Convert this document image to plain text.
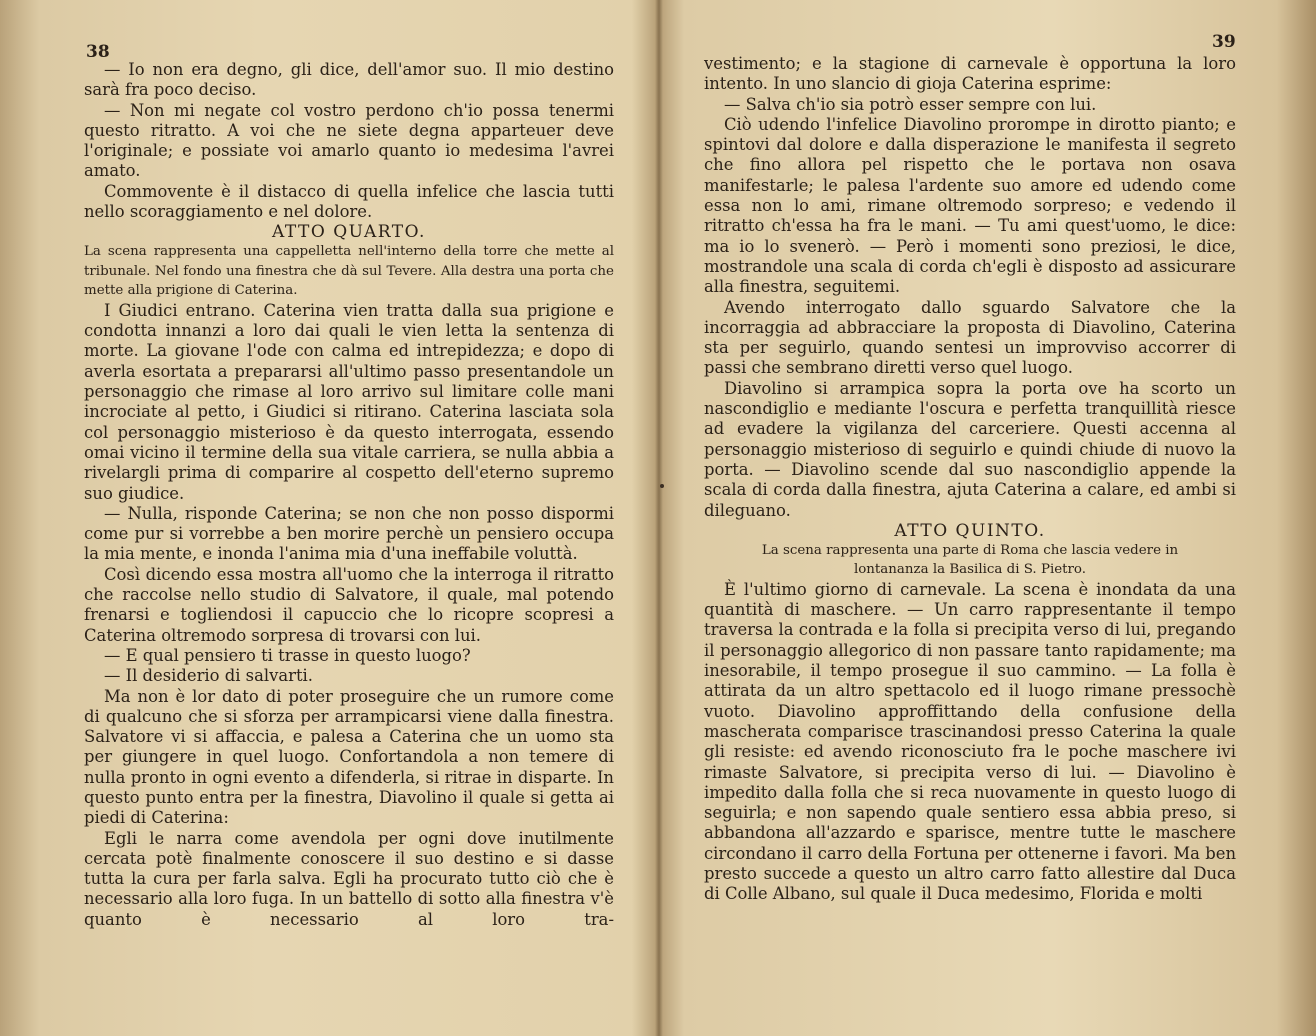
38

— Io non era degno, gli dice, dell'amor suo. Il mio destino sarà fra poco deciso.

— Non mi negate col vostro perdono ch'io possa tenermi questo ritratto. A voi che ne siete degna apparteuer deve l'originale; e possiate voi amarlo quanto io medesima l'avrei amato.

Commovente è il distacco di quella infelice che lascia tutti nello scoraggiamento e nel dolore.

ATTO QUARTO.

La scena rappresenta una cappelletta nell'interno della torre che mette al tribunale. Nel fondo una finestra che dà sul Tevere. Alla destra una porta che mette alla prigione di Caterina.

I Giudici entrano. Caterina vien tratta dalla sua prigione e condotta innanzi a loro dai quali le vien letta la sentenza di morte. La giovane l'ode con calma ed intrepidezza; e dopo di averla esortata a prepararsi all'ultimo passo presentandole un personaggio che rimase al loro arrivo sul limitare colle mani incrociate al petto, i Giudici si ritirano. Caterina lasciata sola col personaggio misterioso è da questo interrogata, essendo omai vicino il termine della sua vitale carriera, se nulla abbia a rivelargli prima di comparire al cospetto dell'eterno supremo suo giudice.

— Nulla, risponde Caterina; se non che non posso dispormi come pur si vorrebbe a ben morire perchè un pensiero occupa la mia mente, e inonda l'anima mia d'una ineffabile voluttà.

Così dicendo essa mostra all'uomo che la interroga il ritratto che raccolse nello studio di Salvatore, il quale, mal potendo frenarsi e togliendosi il capuccio che lo ricopre scopresi a Caterina oltremodo sorpresa di trovarsi con lui.

— E qual pensiero ti trasse in questo luogo?

— Il desiderio di salvarti.

Ma non è lor dato di poter proseguire che un rumore come di qualcuno che si sforza per arrampicarsi viene dalla finestra. Salvatore vi si affaccia, e palesa a Caterina che un uomo sta per giungere in quel luogo. Confortandola a non temere di nulla pronto in ogni evento a difenderla, si ritrae in disparte. In questo punto entra per la finestra, Diavolino il quale si getta ai piedi di Caterina:

Egli le narra come avendola per ogni dove inutilmente cercata potè finalmente conoscere il suo destino e si dasse tutta la cura per farla salva. Egli ha procurato tutto ciò che è necessario alla loro fuga. In un battello di sotto alla finestra v'è quanto è necessario al loro tra-

39

vestimento; e la stagione di carnevale è opportuna la loro intento. In uno slancio di gioja Caterina esprime:

— Salva ch'io sia potrò esser sempre con lui.

Ciò udendo l'infelice Diavolino prorompe in dirotto pianto; e spintovi dal dolore e dalla disperazione le manifesta il segreto che fino allora pel rispetto che le portava non osava manifestarle; le palesa l'ardente suo amore ed udendo come essa non lo ami, rimane oltremodo sorpreso; e vedendo il ritratto ch'essa ha fra le mani. — Tu ami quest'uomo, le dice: ma io lo svenerò. — Però i momenti sono preziosi, le dice, mostrandole una scala di corda ch'egli è disposto ad assicurare alla finestra, seguitemi.

Avendo interrogato dallo sguardo Salvatore che la incorraggia ad abbracciare la proposta di Diavolino, Caterina sta per seguirlo, quando sentesi un improvviso accorrer di passi che sembrano diretti verso quel luogo.

Diavolino si arrampica sopra la porta ove ha scorto un nascondiglio e mediante l'oscura e perfetta tranquillità riesce ad evadere la vigilanza del carceriere. Questi accenna al personaggio misterioso di seguirlo e quindi chiude di nuovo la porta. — Diavolino scende dal suo nascondiglio appende la scala di corda dalla finestra, ajuta Caterina a calare, ed ambi si dileguano.

ATTO QUINTO.

La scena rappresenta una parte di Roma che lascia vedere in lontananza la Basilica di S. Pietro.

È l'ultimo giorno di carnevale. La scena è inondata da una quantità di maschere. — Un carro rappresentante il tempo traversa la contrada e la folla si precipita verso di lui, pregando il personaggio allegorico di non passare tanto rapidamente; ma inesorabile, il tempo prosegue il suo cammino. — La folla è attirata da un altro spettacolo ed il luogo rimane pressochè vuoto. Diavolino approffittando della confusione della mascherata comparisce trascinandosi presso Caterina la quale gli resiste: ed avendo riconosciuto fra le poche maschere ivi rimaste Salvatore, si precipita verso di lui. — Diavolino è impedito dalla folla che si reca nuovamente in questo luogo di seguirla; e non sapendo quale sentiero essa abbia preso, si abbandona all'azzardo e sparisce, mentre tutte le maschere circondano il carro della Fortuna per ottenerne i favori. Ma ben presto succede a questo un altro carro fatto allestire dal Duca di Colle Albano, sul quale il Duca medesimo, Florida e molti
